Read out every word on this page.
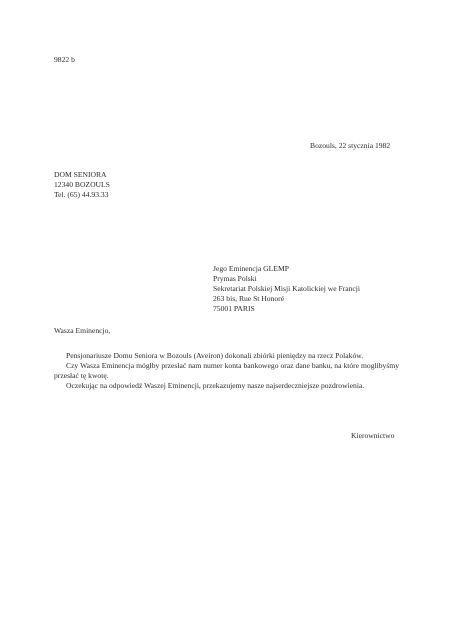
9822 b
Bozouls, 22 stycznia 1982
DOM SENIORA
12340 BOZOULS
Tel. (65) 44.93.33
Jego Eminencja GLEMP
Prymas Polski
Sekretariat Polskiej Misji Katolickiej we Francji
263 bis, Rue St Honoré
75001 PARIS
Wasza Eminencjo,

Pensjonariusze Domu Seniora w Bozouls (Aveiron) dokonali zbiórki pieniędzy na rzecz Polaków.

Czy Wasza Eminencja mógłby przesłać nam numer konta bankowego oraz dane banku, na które moglibyśmy przesłać tę kwotę.

Oczekując na odpowiedź Waszej Eminencji, przekazujemy nasze najserdeczniejsze pozdrowienia.

Kierownictwo
